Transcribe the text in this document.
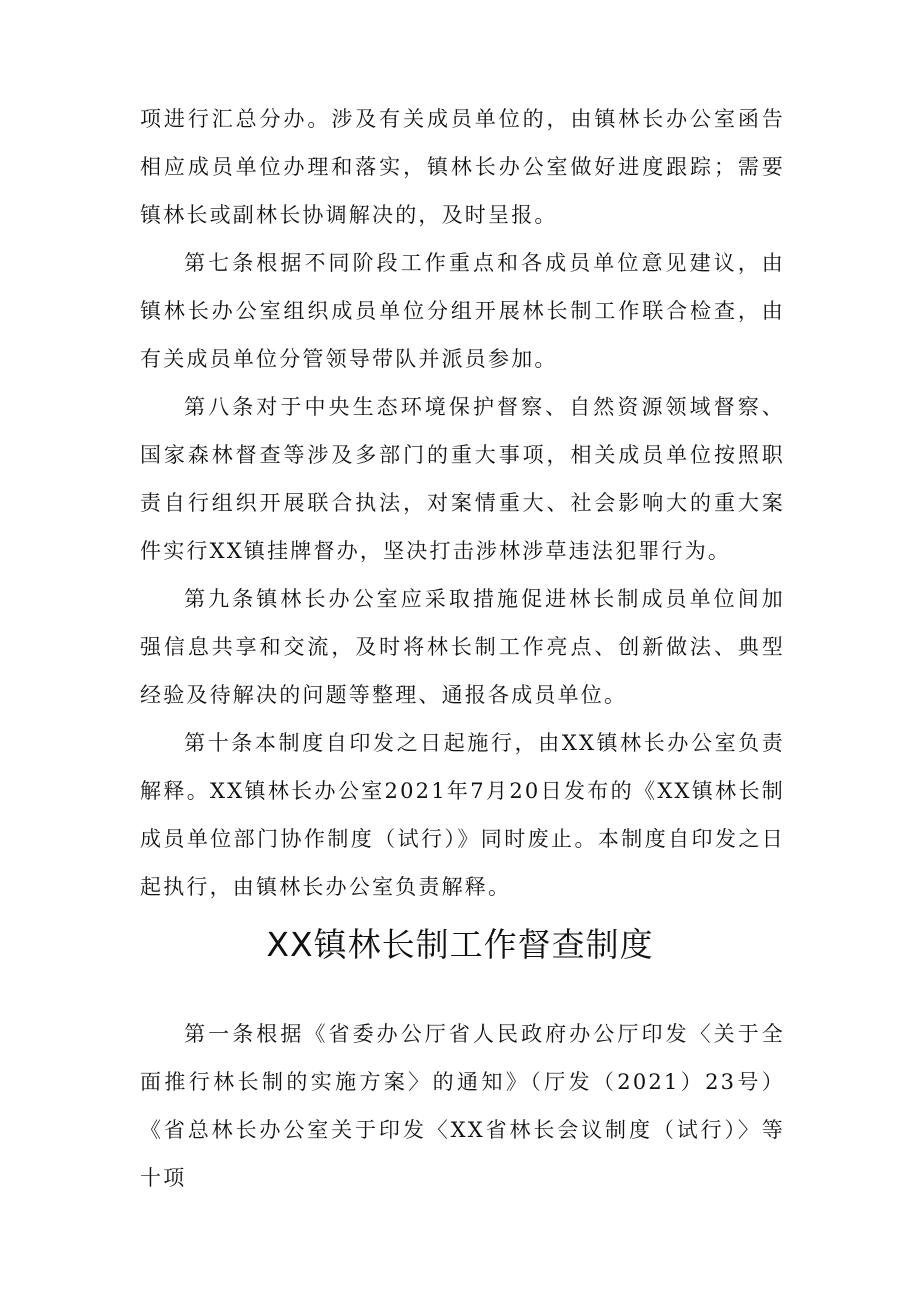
项进行汇总分办。涉及有关成员单位的，由镇林长办公室函告相应成员单位办理和落实，镇林长办公室做好进度跟踪；需要镇林长或副林长协调解决的，及时呈报。

第七条根据不同阶段工作重点和各成员单位意见建议，由镇林长办公室组织成员单位分组开展林长制工作联合检查，由有关成员单位分管领导带队并派员参加。

第八条对于中央生态环境保护督察、自然资源领域督察、国家森林督查等涉及多部门的重大事项，相关成员单位按照职责自行组织开展联合执法，对案情重大、社会影响大的重大案件实行XX镇挂牌督办，坚决打击涉林涉草违法犯罪行为。

第九条镇林长办公室应采取措施促进林长制成员单位间加强信息共享和交流，及时将林长制工作亮点、创新做法、典型经验及待解决的问题等整理、通报各成员单位。

第十条本制度自印发之日起施行，由XX镇林长办公室负责解释。XX镇林长办公室2021年7月20日发布的《XX镇林长制成员单位部门协作制度（试行）》同时废止。本制度自印发之日起执行，由镇林长办公室负责解释。

XX镇林长制工作督查制度

第一条根据《省委办公厅省人民政府办公厅印发〈关于全面推行林长制的实施方案〉的通知》（厅发（2021）23号）《省总林长办公室关于印发〈XX省林长会议制度（试行）〉等十项
